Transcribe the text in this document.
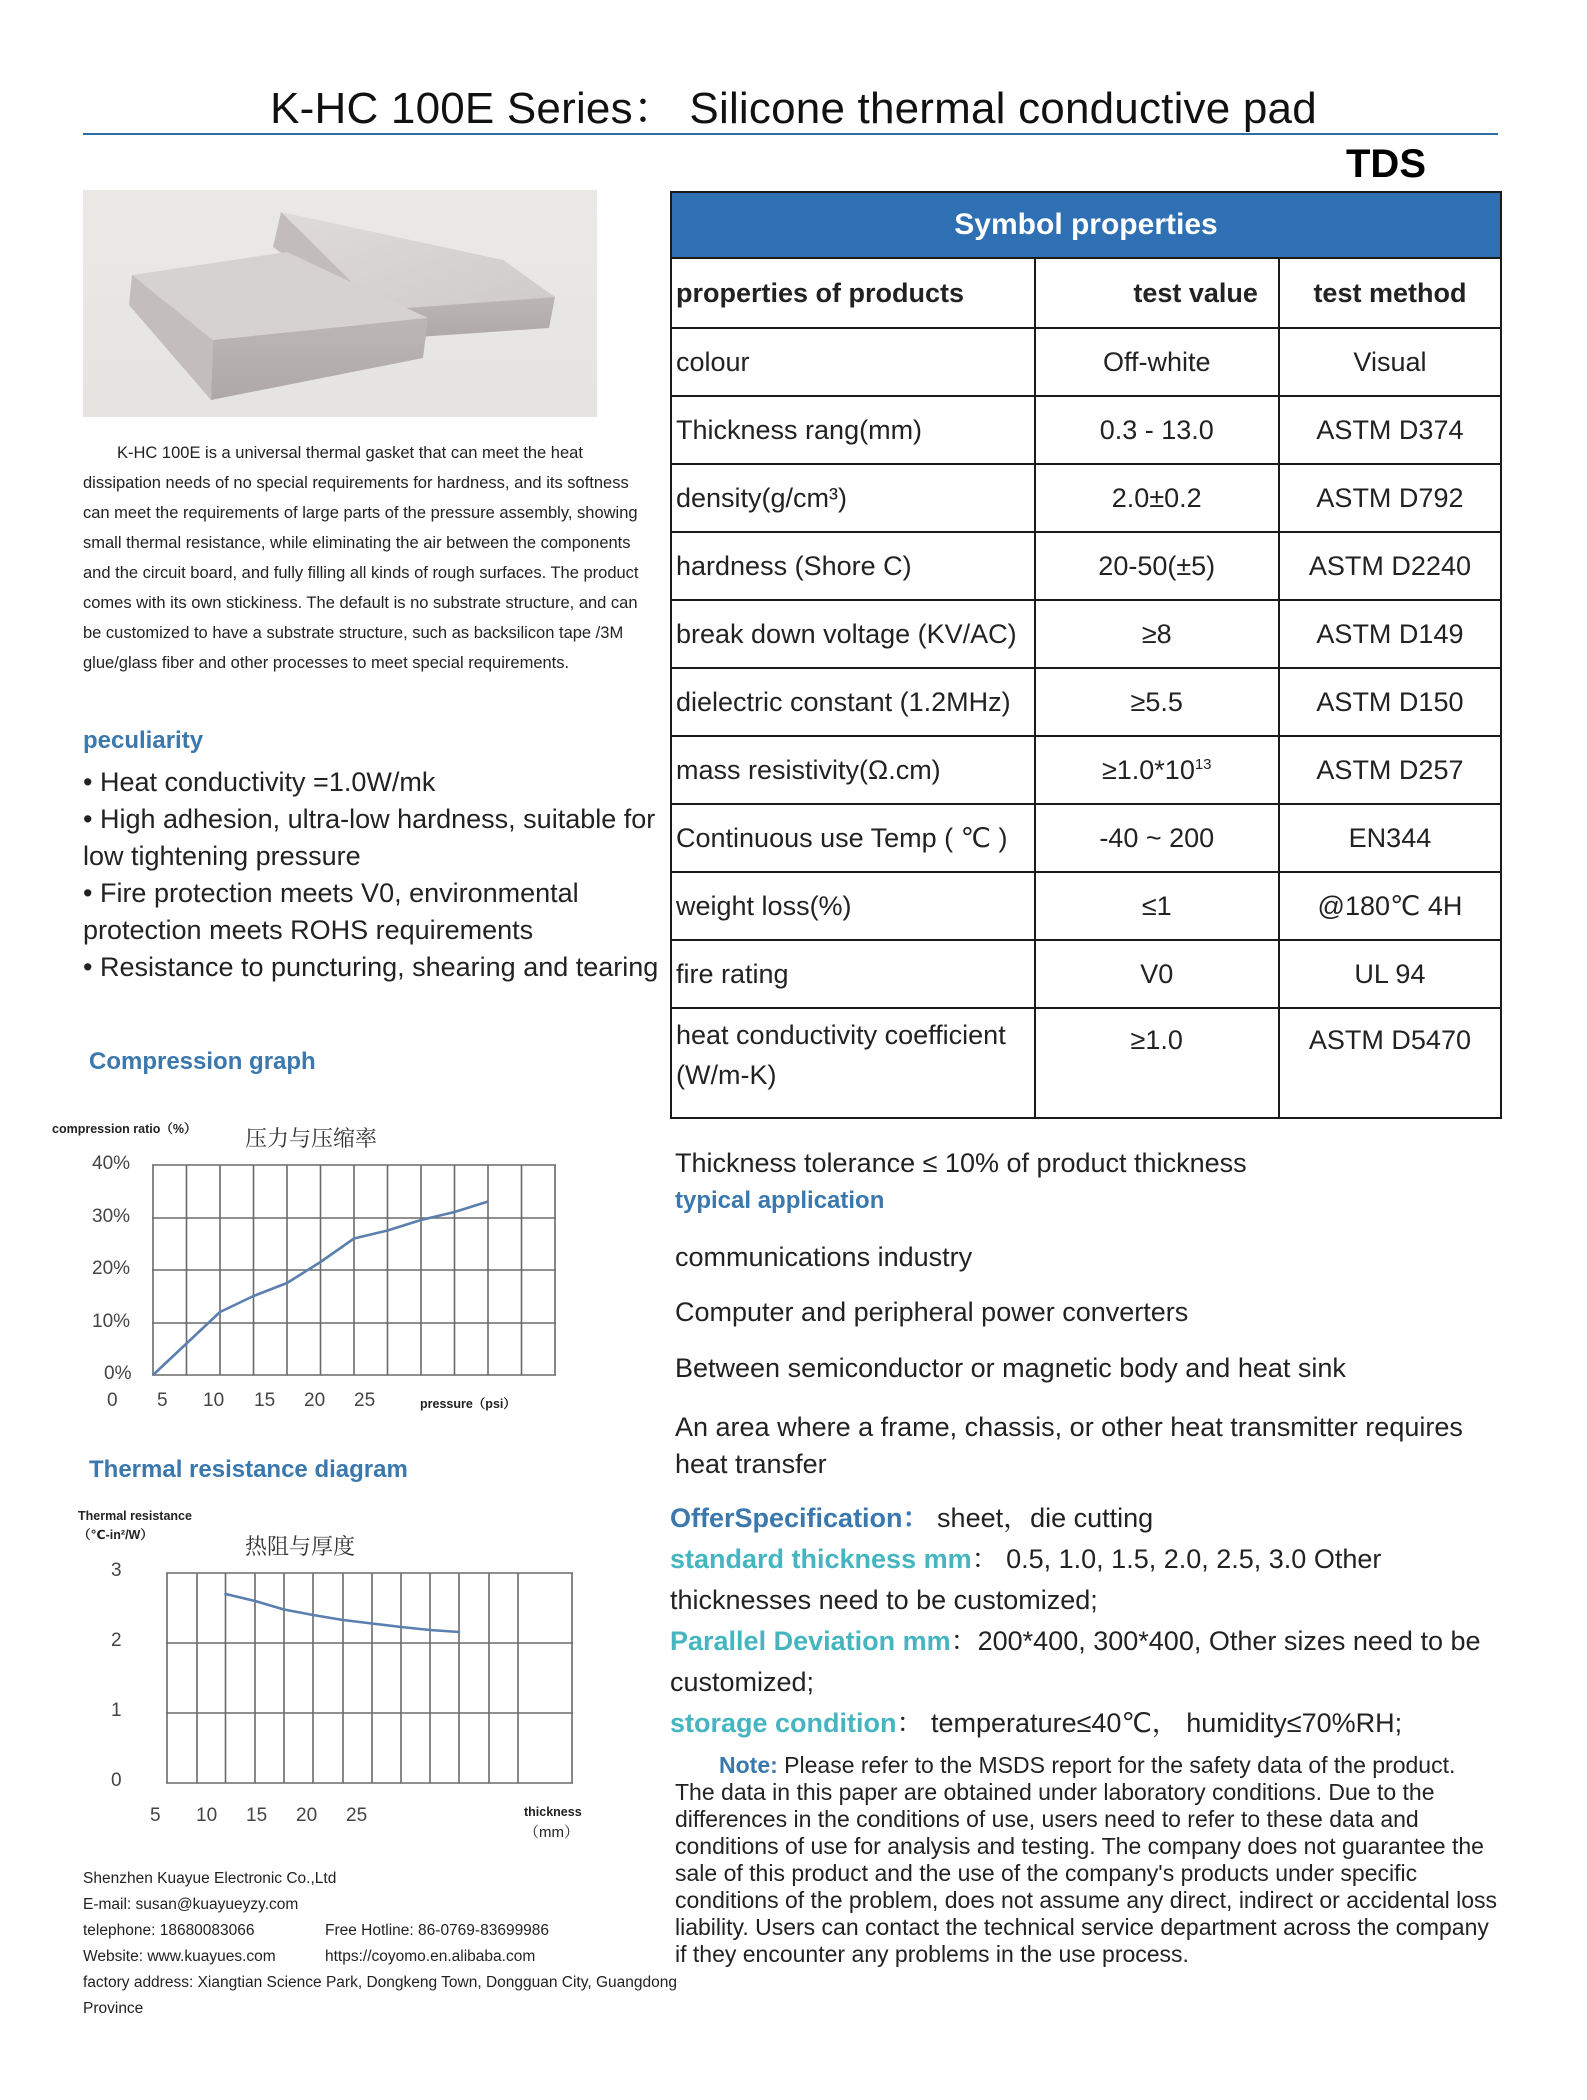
K-HC 100E Series： Silicone thermal conductive pad
TDS
K-HC 100E is a universal thermal gasket that can meet the heat dissipation needs of no special requirements for hardness, and its softness can meet the requirements of large parts of the pressure assembly, showing small thermal resistance, while eliminating the air between the components and the circuit board, and fully filling all kinds of rough surfaces. The product comes with its own stickiness. The default is no substrate structure, and can be customized to have a substrate structure, such as backsilicon tape /3M glue/glass fiber and other processes to meet special requirements.
peculiarity
• Heat conductivity =1.0W/mk
• High adhesion, ultra-low hardness, suitable for low tightening pressure
• Fire protection meets V0, environmental protection meets ROHS requirements
• Resistance to puncturing, shearing and tearing
Compression graph
compression ratio（%） 压力与压缩率
40%
30%
20%
10%
0%
0 5 10 15 20 25	pressure（psi）
Thermal resistance diagram
Thermal resistance
（℃-in²/W）	热阻与厚度
3
2
1
0
5 10 15 20 25	thickness
（mm）
Symbol properties		
properties of products	test value	test method
colour	Off-white	Visual
Thickness rang(mm)	0.3 - 13.0	ASTM D374
density(g/cm³)	2.0±0.2	ASTM D792
hardness (Shore C)	20-50(±5)	ASTM D2240
break down voltage (KV/AC)	≥8	ASTM D149
dielectric constant (1.2MHz)	≥5.5	ASTM D150
mass resistivity(Ω.cm)	$\ge 1.0*10^{13}$	ASTM D257
Continuous use Temp ( ℃ )	-40 ~ 200	EN344
weight loss(%)	≤1	@180℃ 4H
fire rating	V0	UL 94
heat conductivity coefficient (W/m-K)	≥1.0	ASTM D5470
Thickness tolerance ≤ 10% of product thickness
typical application
communications industry
Computer and peripheral power converters
Between semiconductor or magnetic body and heat sink
An area where a frame, chassis, or other heat transmitter requires heat transfer
OfferSpecification： sheet，die cutting
standard thickness mm： 0.5, 1.0, 1.5, 2.0, 2.5, 3.0 Other thicknesses need to be customized;
Parallel Deviation mm：200*400, 300*400, Other sizes need to be customized;
storage condition： temperature≤40℃， humidity≤70%RH;
Note: Please refer to the MSDS report for the safety data of the product.
The data in this paper are obtained under laboratory conditions. Due to the differences in the conditions of use, users need to refer to these data and conditions of use for analysis and testing. The company does not guarantee the sale of this product and the use of the company's products under specific conditions of the problem, does not assume any direct, indirect or accidental loss liability. Users can contact the technical service department across the company if they encounter any problems in the use process.
Shenzhen Kuayue Electronic Co.,Ltd
E-mail: susan@kuayueyzy.com
telephone: 18680083066	Free Hotline: 86-0769-83699986
Website: www.kuayues.com	https://coyomo.en.alibaba.com
factory address: Xiangtian Science Park, Dongkeng Town, Dongguan City, Guangdong Province
